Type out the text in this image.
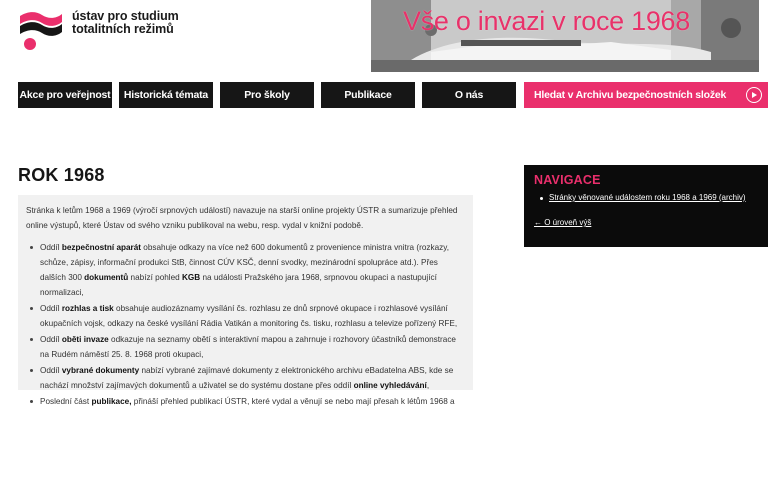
ústav pro studium
totalitních režimů	Vše o invazi v roce 1968
Akce pro veřejnost	Historická témata	Pro školy	Publikace	O nás	Hledat v Archivu bezpečnostních složek
ROK 1968

Stránka k letům 1968 a 1969 (výročí srpnových událostí) navazuje na starší online projekty ÚSTR a sumarizuje přehled online výstupů, které Ústav od svého vzniku publikoval na webu, resp. vydal v knižní podobě.

Oddíl bezpečnostní aparát obsahuje odkazy na více než 600 dokumentů z provenience ministra vnitra (rozkazy, schůze, zápisy, informační produkci StB, činnost CÚV KSČ, denní svodky, mezinárodní spolupráce atd.). Přes dalších 300 dokumentů nabízí pohled KGB na události Pražského jara 1968, srpnovou okupaci a nastupující normalizaci,
Oddíl rozhlas a tisk obsahuje audiozáznamy vysílání čs. rozhlasu ze dnů srpnové okupace i rozhlasové vysílání okupačních vojsk, odkazy na české vysílání Rádia Vatikán a monitoring čs. tisku, rozhlasu a televize pořízený RFE,
Oddíl oběti invaze odkazuje na seznamy obětí s interaktivní mapou a zahrnuje i rozhovory účastníků demonstrace na Rudém náměstí 25. 8. 1968 proti okupaci,
Oddíl vybrané dokumenty nabízí vybrané zajímavé dokumenty z elektronického archivu eBadatelna ABS, kde se nachází množství zajímavých dokumentů a uživatel se do systému dostane přes oddíl online vyhledávání,
Poslední část publikace, přináší přehled publikací ÚSTR, které vydal a věnují se nebo mají přesah k létům 1968 a
NAVIGACE
Stránky věnované událostem roku 1968 a 1969 (archiv)
← O úroveň výš
